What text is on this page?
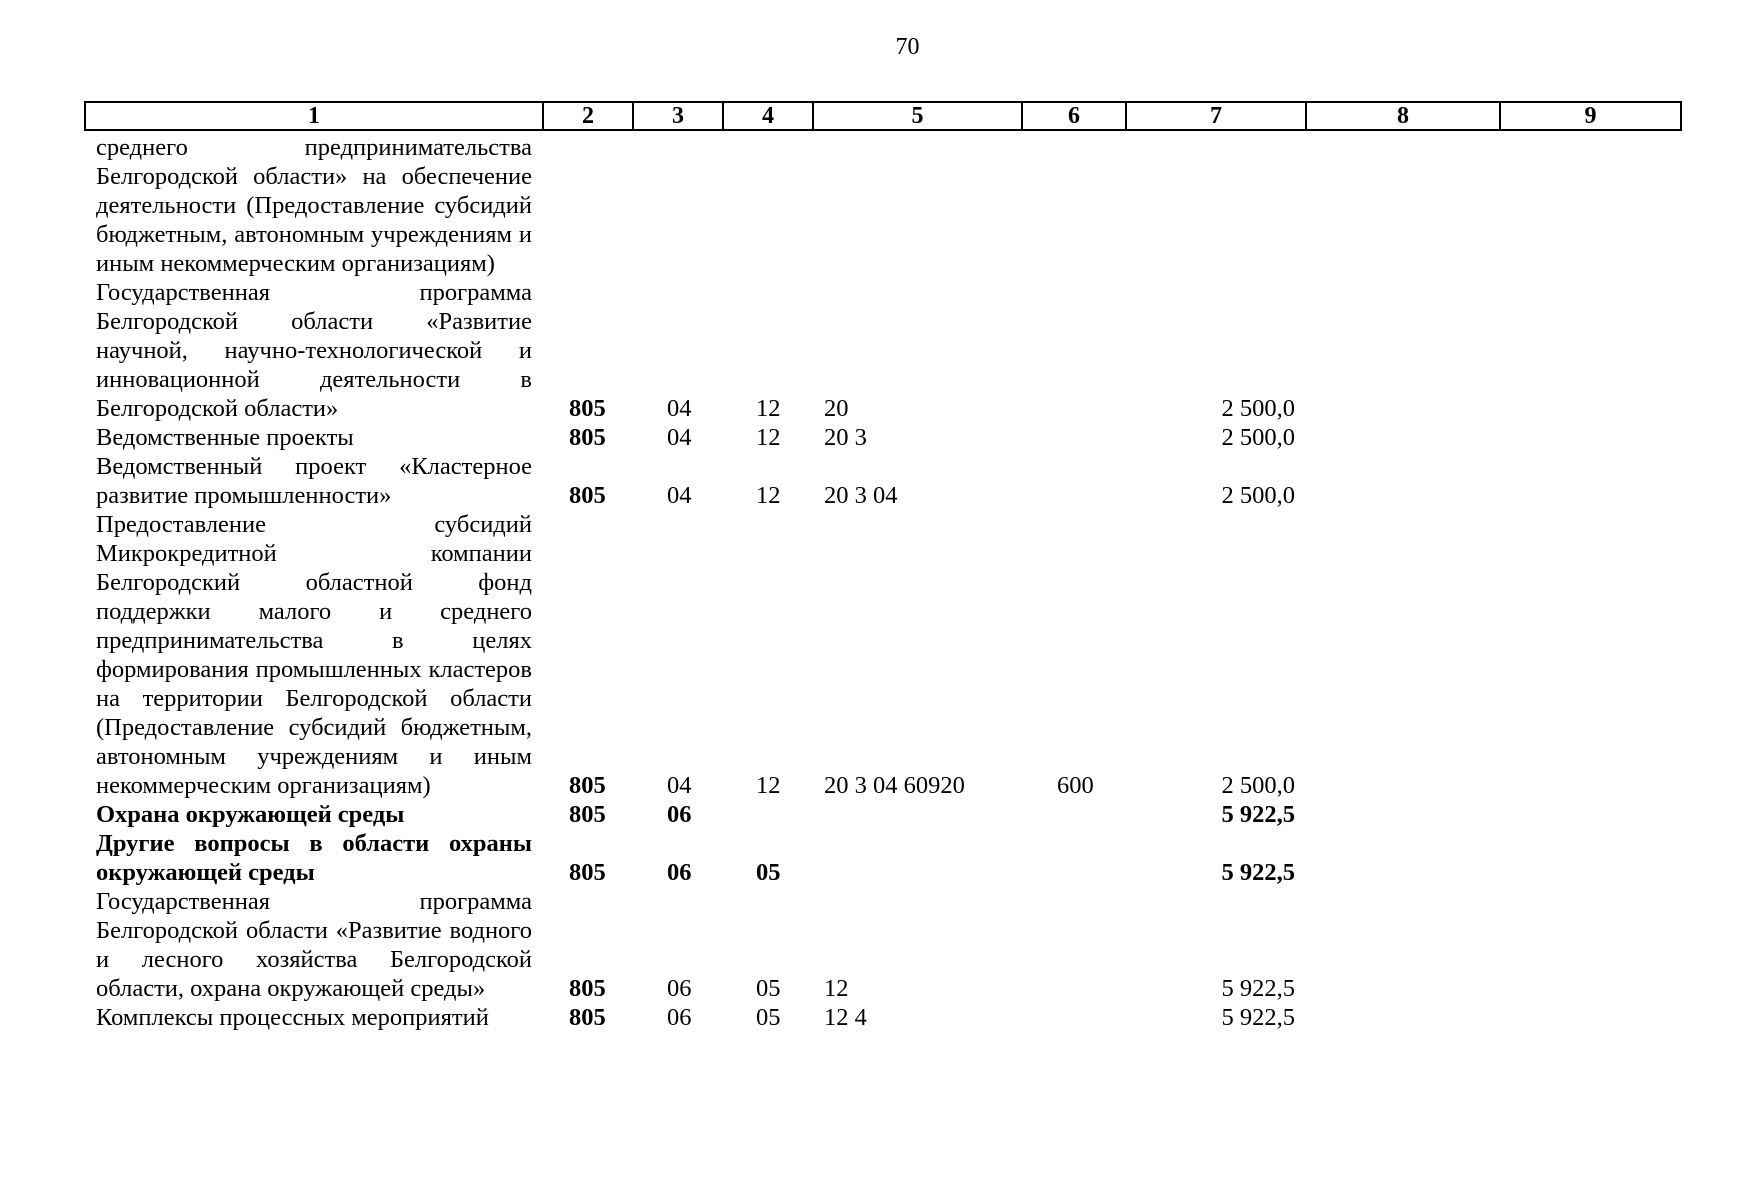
70
1	2	3	4	5	6	7	8	9
среднего предпринимательства Белгородской области» на обеспечение деятельности (Предоставление субсидий бюджетным, автономным учреждениям и иным некоммерческим организациям)								
Государственная программа Белгородской области «Развитие научной, научно-технологической и инновационной деятельности в Белгородской области»	805	04	12	20		2 500,0		
Ведомственные проекты	805	04	12	20 3		2 500,0		
Ведомственный проект «Кластерное развитие промышленности»	805	04	12	20 3 04		2 500,0		
Предоставление субсидий Микрокредитной компании Белгородский областной фонд поддержки малого и среднего предпринимательства в целях формирования промышленных кластеров на территории Белгородской области (Предоставление субсидий бюджетным, автономным учреждениям и иным некоммерческим организациям)	805	04	12	20 3 04 60920	600	2 500,0		
Охрана окружающей среды	805	06				5 922,5		
Другие вопросы в области охраны окружающей среды	805	06	05			5 922,5		
Государственная программа Белгородской области «Развитие водного и лесного хозяйства Белгородской области, охрана окружающей среды»	805	06	05	12		5 922,5		
Комплексы процессных мероприятий	805	06	05	12 4		5 922,5		
